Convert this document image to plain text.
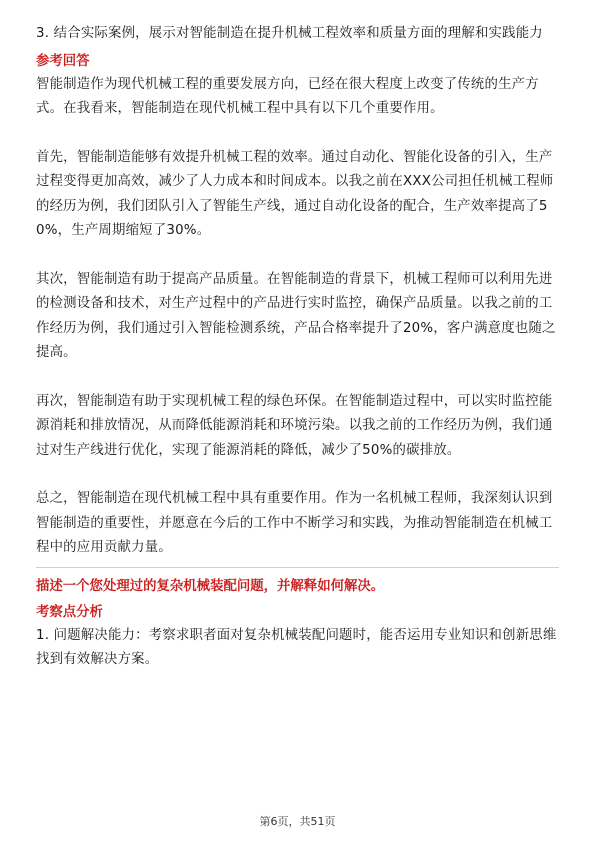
3. 结合实际案例，展示对智能制造在提升机械工程效率和质量方面的理解和实践能力

参考回答

智能制造作为现代机械工程的重要发展方向，已经在很大程度上改变了传统的生产方式。在我看来，智能制造在现代机械工程中具有以下几个重要作用。

首先，智能制造能够有效提升机械工程的效率。通过自动化、智能化设备的引入，生产过程变得更加高效，减少了人力成本和时间成本。以我之前在XXX公司担任机械工程师的经历为例，我们团队引入了智能生产线，通过自动化设备的配合，生产效率提高了50%，生产周期缩短了30%。

其次，智能制造有助于提高产品质量。在智能制造的背景下，机械工程师可以利用先进的检测设备和技术，对生产过程中的产品进行实时监控，确保产品质量。以我之前的工作经历为例，我们通过引入智能检测系统，产品合格率提升了20%，客户满意度也随之提高。

再次，智能制造有助于实现机械工程的绿色环保。在智能制造过程中，可以实时监控能源消耗和排放情况，从而降低能源消耗和环境污染。以我之前的工作经历为例，我们通过对生产线进行优化，实现了能源消耗的降低，减少了50%的碳排放。

总之，智能制造在现代机械工程中具有重要作用。作为一名机械工程师，我深刻认识到智能制造的重要性，并愿意在今后的工作中不断学习和实践，为推动智能制造在机械工程中的应用贡献力量。

描述一个您处理过的复杂机械装配问题，并解释如何解决。

考察点分析

1. 问题解决能力：考察求职者面对复杂机械装配问题时，能否运用专业知识和创新思维找到有效解决方案。

第6页，共51页
